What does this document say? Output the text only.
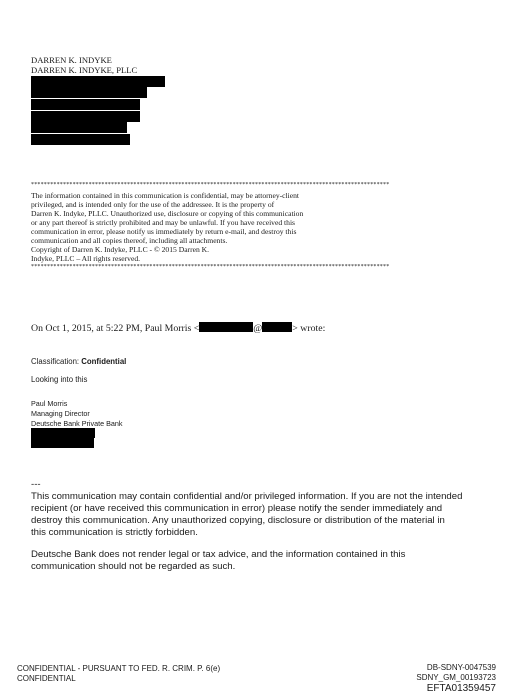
DARREN K. INDYKE
DARREN K. INDYKE, PLLC
****************************************************************************************************************
The information contained in this communication is confidential, may be attorney-client
privileged, and is intended only for the use of the addressee. It is the property of
Darren K. Indyke, PLLC. Unauthorized use, disclosure or copying of this communication
or any part thereof is strictly prohibited and may be unlawful. If you have received this
communication in error, please notify us immediately by return e-mail, and destroy this
communication and all copies thereof, including all attachments.
Copyright of Darren K. Indyke, PLLC - © 2015 Darren K.
Indyke, PLLC – All rights reserved.
****************************************************************************************************************
On Oct 1, 2015, at 5:22 PM, Paul Morris <	@	> wrote:
Classification: Confidential
Looking into this
Paul Morris
Managing Director
Deutsche Bank Private Bank
---
This communication may contain confidential and/or privileged information. If you are not the intended
recipient (or have received this communication in error) please notify the sender immediately and
destroy this communication. Any unauthorized copying, disclosure or distribution of the material in
this communication is strictly forbidden.
Deutsche Bank does not render legal or tax advice, and the information contained in this
communication should not be regarded as such.
CONFIDENTIAL - PURSUANT TO FED. R. CRIM. P. 6(e)
CONFIDENTIAL
DB-SDNY-0047539
SDNY_GM_00193723
EFTA01359457
